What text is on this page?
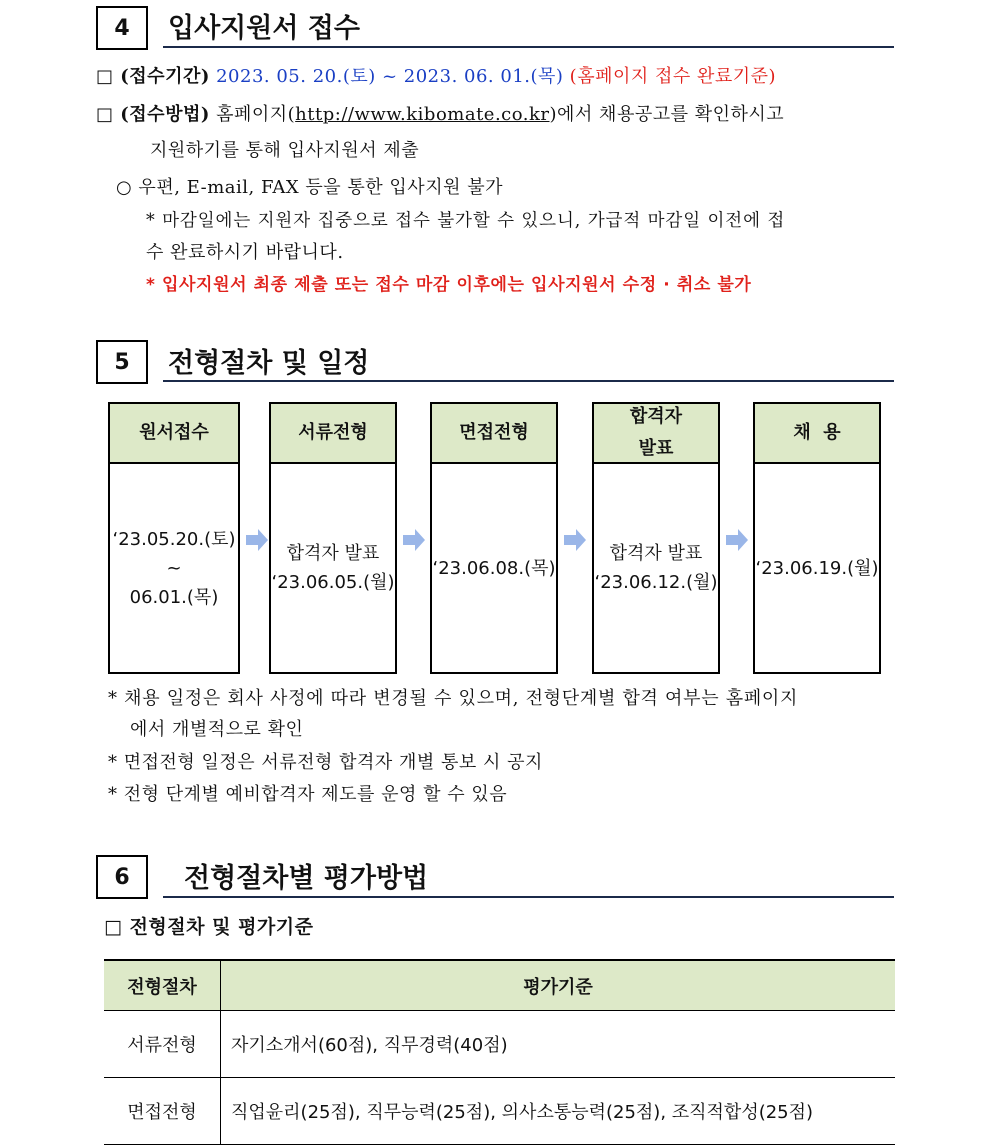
4	입사지원서 접수
□ (접수기간) 2023. 05. 20.(토) ~ 2023. 06. 01.(목) (홈페이지 접수 완료기준)
□ (접수방법) 홈페이지(http://www.kibomate.co.kr)에서 채용공고를 확인하시고
지원하기를 통해 입사지원서 제출
○ 우편, E-mail, FAX 등을 통한 입사지원 불가
* 마감일에는 지원자 집중으로 접수 불가할 수 있으니, 가급적 마감일 이전에 접
수 완료하시기 바랍니다.
* 입사지원서 최종 제출 또는 접수 마감 이후에는 입사지원서 수정 · 취소 불가
5	전형절차 및 일정
원서접수
‘23.05.20.(토)
~
06.01.(목)
서류전형
합격자 발표
‘23.06.05.(월)
면접전형
‘23.06.08.(목)
합격자
발표
합격자 발표
‘23.06.12.(월)
채  용
‘23.06.19.(월)
* 채용 일정은 회사 사정에 따라 변경될 수 있으며, 전형단계별 합격 여부는 홈페이지
에서 개별적으로 확인
* 면접전형 일정은 서류전형 합격자 개별 통보 시 공지
* 전형 단계별 예비합격자 제도를 운영 할 수 있음
6	전형절차별 평가방법
□ 전형절차 및 평가기준
전형절차	평가기준
서류전형	자기소개서(60점), 직무경력(40점)
면접전형	직업윤리(25점), 직무능력(25점), 의사소통능력(25점), 조직적합성(25점)
